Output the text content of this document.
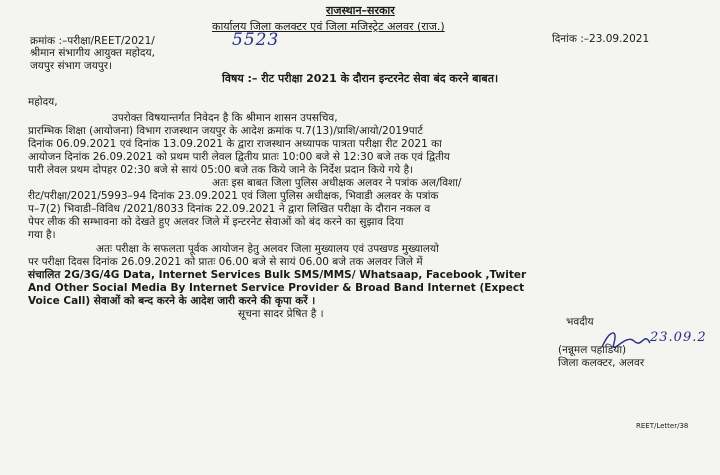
राजस्थान–सरकार
कार्यालय जिला कलक्टर एवं जिला मजिस्ट्रेट अलवर (राज.)
क्रमांक :–परीक्षा/REET/2021/	5523	दिनांक :–23.09.2021
श्रीमान संभागीय आयुक्त महोदय,
जयपुर संभाग जयपुर।
विषय :– रीट परीक्षा 2021 के दौरान इन्टरनेट सेवा बंद करने बाबत।
महोदय,
उपरोक्त विषयान्तर्गत निवेदन है कि श्रीमान शासन उपसचिव,
प्रारम्भिक शिक्षा (आयोजना) विभाग राजस्थान जयपुर के आदेश क्रमांक प.7(13)/प्राशि/आयो/2019पार्ट
दिनांक 06.09.2021 एवं दिनांक 13.09.2021 के द्वारा राजस्थान अध्यापक पात्रता परीक्षा रीट 2021 का
आयोजन दिनांक 26.09.2021 को प्रथम पारी लेवल द्वितीय प्रातः 10:00 बजे से 12:30 बजे तक एवं द्वितीय
पारी लेवल प्रथम दोपहर 02:30 बजे से सायं 05:00 बजे तक किये जाने के निर्देश प्रदान किये गये है।
अतः इस बाबत जिला पुलिस अधीक्षक अलवर ने पत्रांक अल/विशा/
रीट/परीक्षा/2021/5993–94 दिनांक 23.09.2021 एवं जिला पुलिस अधीक्षक, भिवाडी अलवर के पत्रांक
प–7(2) भिवाडी–विविध /2021/8033 दिनांक 22.09.2021 ने द्वारा लिखित परीक्षा के दौरान नकल व
पेपर लीक की सम्भावना को देखते हुए अलवर जिले में इन्टरनेट सेवाओं को बंद करने का सुझाव दिया
गया है।
अतः परीक्षा के सफलता पूर्वक आयोजन हेतु अलवर जिला मुख्यालय एवं उपखण्ड मुख्यालयो
पर परीक्षा दिवस दिनांक 26.09.2021 को प्रातः 06.00 बजे से सायं 06.00 बजे तक अलवर जिले में
संचालित 2G/3G/4G Data, Internet Services Bulk SMS/MMS/ Whatsaap, Facebook ,Twiter
And Other Social Media By Internet Service Provider & Broad Band Internet (Expect
Voice Call) सेवाओं को बन्द करने के आदेश जारी करने की कृपा करें ।
सूचना सादर प्रेषित है ।
भवदीय
23.09.2
(नन्नूमल पहाडिया)
जिला कलक्टर, अलवर
REET/Letter/38
